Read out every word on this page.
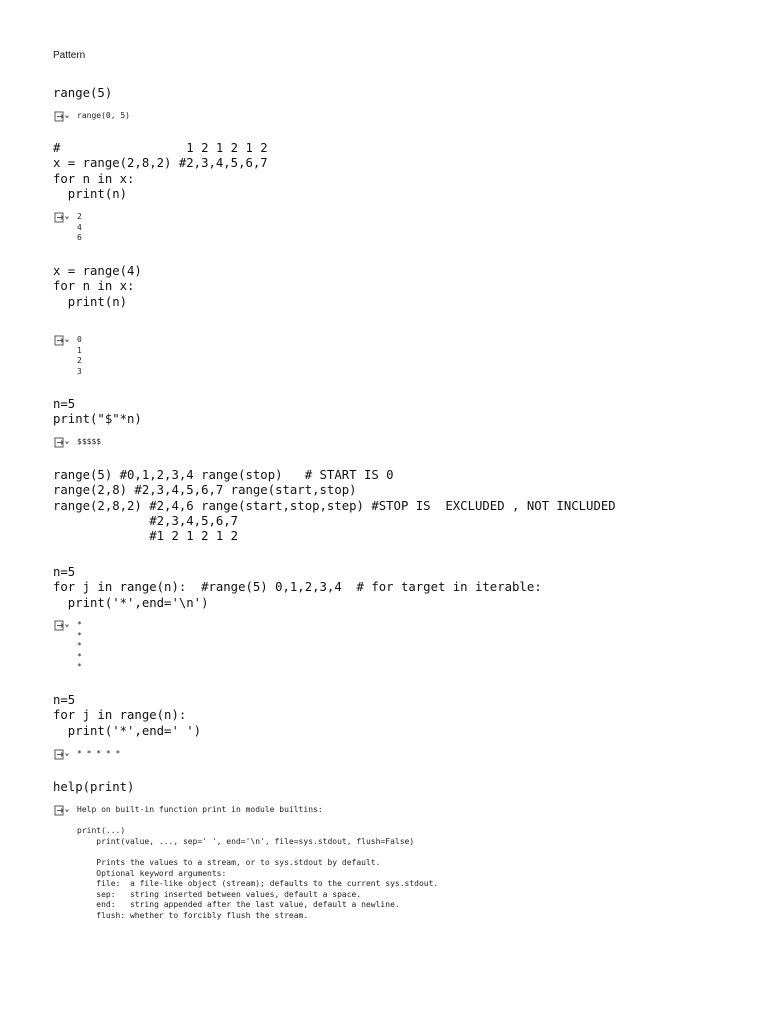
Pattern
range(5)
range(0, 5)
#                 1 2 1 2 1 2
x = range(2,8,2) #2,3,4,5,6,7
for n in x:
print(n)
2
4
6
x = range(4)
for n in x:
print(n)
0
1
2
3
n=5
print("$"*n)
$$$$$
range(5) #0,1,2,3,4 range(stop)   # START IS 0
range(2,8) #2,3,4,5,6,7 range(start,stop)
range(2,8,2) #2,4,6 range(start,stop,step) #STOP IS  EXCLUDED , NOT INCLUDED
#2,3,4,5,6,7
#1 2 1 2 1 2
n=5
for j in range(n):  #range(5) 0,1,2,3,4  # for target in iterable:
print('*',end='\n')
*
*
*
*
*
n=5
for j in range(n):
print('*',end=' ')
* * * * *
help(print)
Help on built-in function print in module builtins:

print(...)
print(value, ..., sep=' ', end='\n', file=sys.stdout, flush=False)

Prints the values to a stream, or to sys.stdout by default.
Optional keyword arguments:
file:  a file-like object (stream); defaults to the current sys.stdout.
sep:   string inserted between values, default a space.
end:   string appended after the last value, default a newline.
flush: whether to forcibly flush the stream.
